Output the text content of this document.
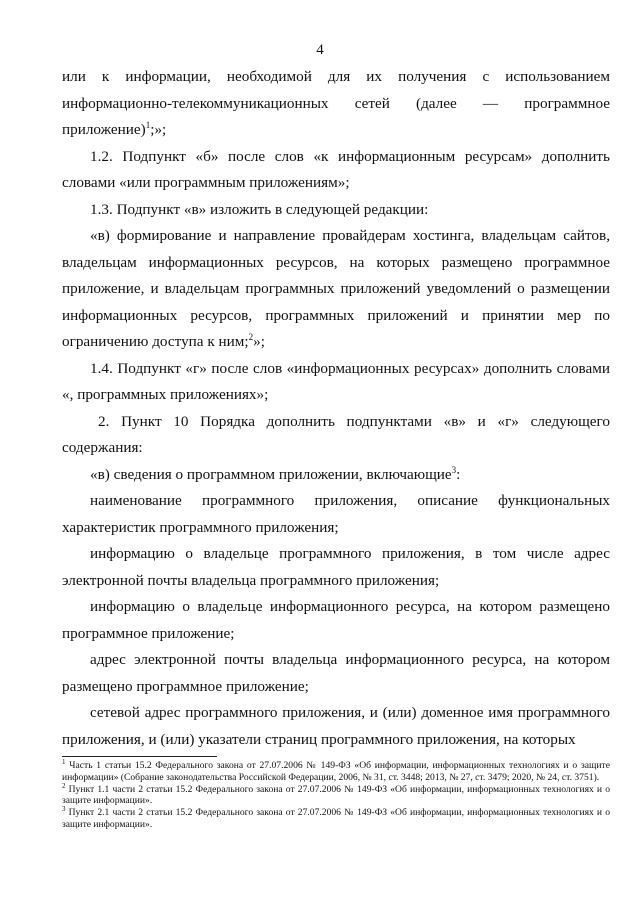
4

или к информации, необходимой для их получения с использованием информационно-телекоммуникационных сетей (далее — программное приложение)$^1$;»;

1.2. Подпункт «б» после слов «к информационным ресурсам» дополнить словами «или программным приложениям»;

1.3. Подпункт «в» изложить в следующей редакции:

«в) формирование и направление провайдерам хостинга, владельцам сайтов, владельцам информационных ресурсов, на которых размещено программное приложение, и владельцам программных приложений уведомлений о размещении информационных ресурсов, программных приложений и принятии мер по ограничению доступа к ним;$^2$»;

1.4. Подпункт «г» после слов «информационных ресурсах» дополнить словами «, программных приложениях»;

2. Пункт 10 Порядка дополнить подпунктами «в» и «г» следующего содержания:

«в) сведения о программном приложении, включающие$^3$:

наименование программного приложения, описание функциональных характеристик программного приложения;

информацию о владельце программного приложения, в том числе адрес электронной почты владельца программного приложения;

информацию о владельце информационного ресурса, на котором размещено программное приложение;

адрес электронной почты владельца информационного ресурса, на котором размещено программное приложение;

сетевой адрес программного приложения, и (или) доменное имя программного приложения, и (или) указатели страниц программного приложения, на которых

$^1$ Часть 1 статьи 15.2 Федерального закона от 27.07.2006 № 149-ФЗ «Об информации, информационных технологиях и о защите информации» (Собрание законодательства Российской Федерации, 2006, № 31, ст. 3448; 2013, № 27, ст. 3479; 2020, № 24, ст. 3751).

$^2$ Пункт 1.1 части 2 статьи 15.2 Федерального закона от 27.07.2006 № 149-ФЗ «Об информации, информационных технологиях и о защите информации».

$^3$ Пункт 2.1 части 2 статьи 15.2 Федерального закона от 27.07.2006 № 149-ФЗ «Об информации, информационных технологиях и о защите информации».
